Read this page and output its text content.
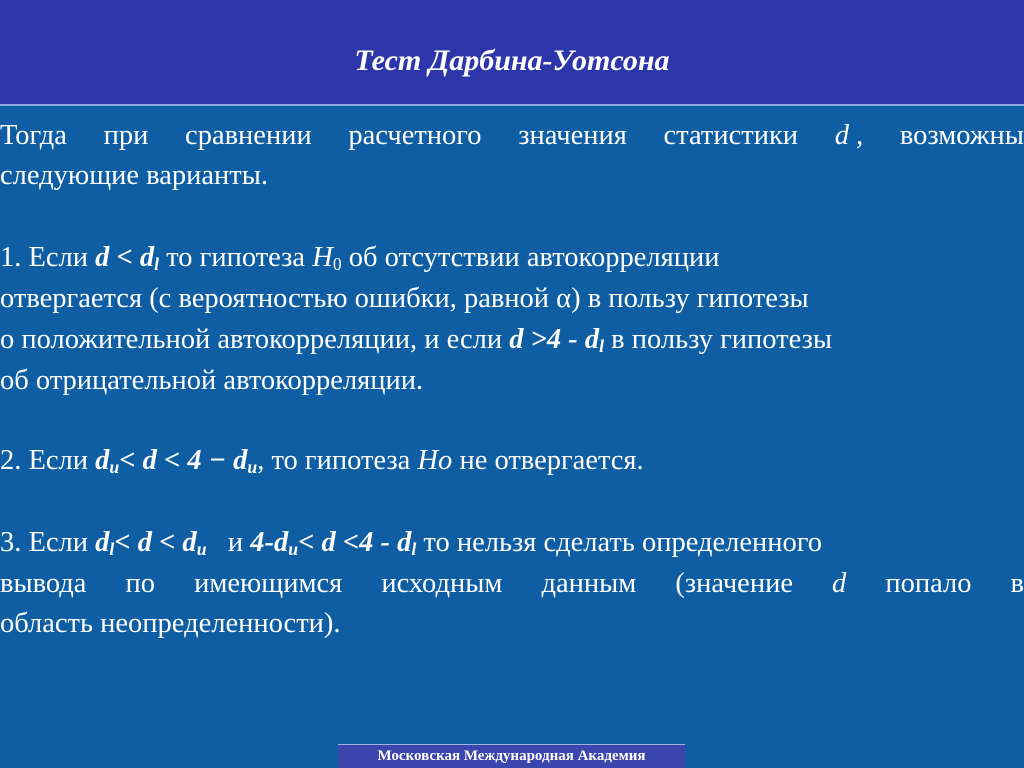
Тест Дарбина-Уотсона
Тогда при сравнении расчетного значения статистики d , возможны
следующие варианты.
1. Если $d < d_l$ то гипотеза $H_0$ об отсутствии автокорреляции
отвергается (с вероятностью ошибки, равной α) в пользу гипотезы
о положительной автокорреляции, и если $d >4 - d_l$ в пользу гипотезы
об отрицательной автокорреляции.
2. Если $d_u< d < 4 - d_u$, то гипотеза Ho не отвергается.
3. Если $d_l< d < d_u$   и $4-d_u< d <4 - d_l$ то нельзя сделать определенного
вывода по имеющимся исходным данным (значение d попало в
область неопределенности).
Московская Международная Академия
